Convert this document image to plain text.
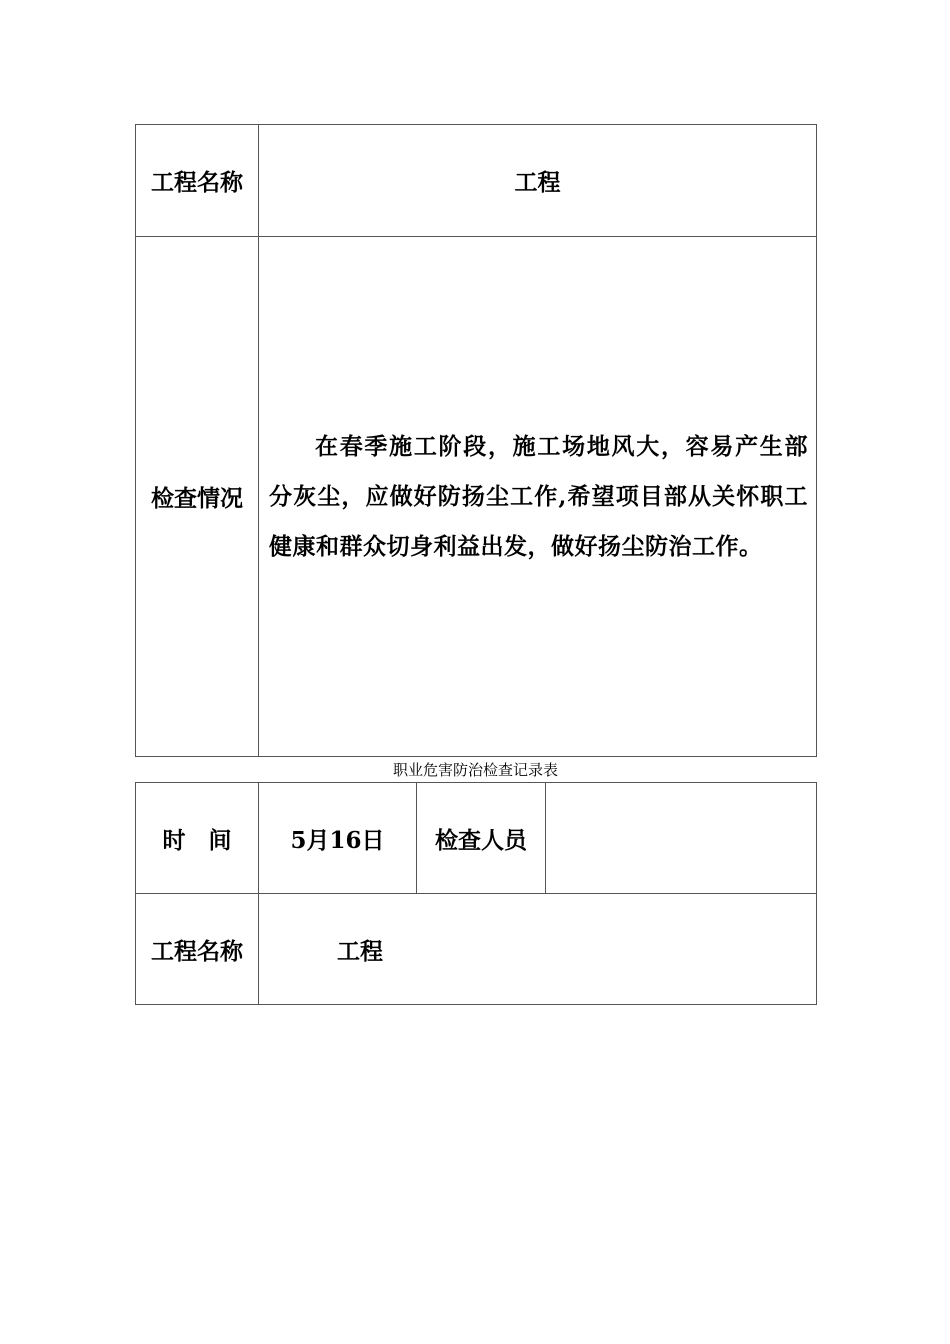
工程名称	工程
检查情况	在春季施工阶段，施工场地风大，容易产生部分灰尘，应做好防扬尘工作,希望项目部从关怀职工健康和群众切身利益出发，做好扬尘防治工作。
职业危害防治检查记录表
时　间	5月16日	检查人员	
工程名称	工程		
